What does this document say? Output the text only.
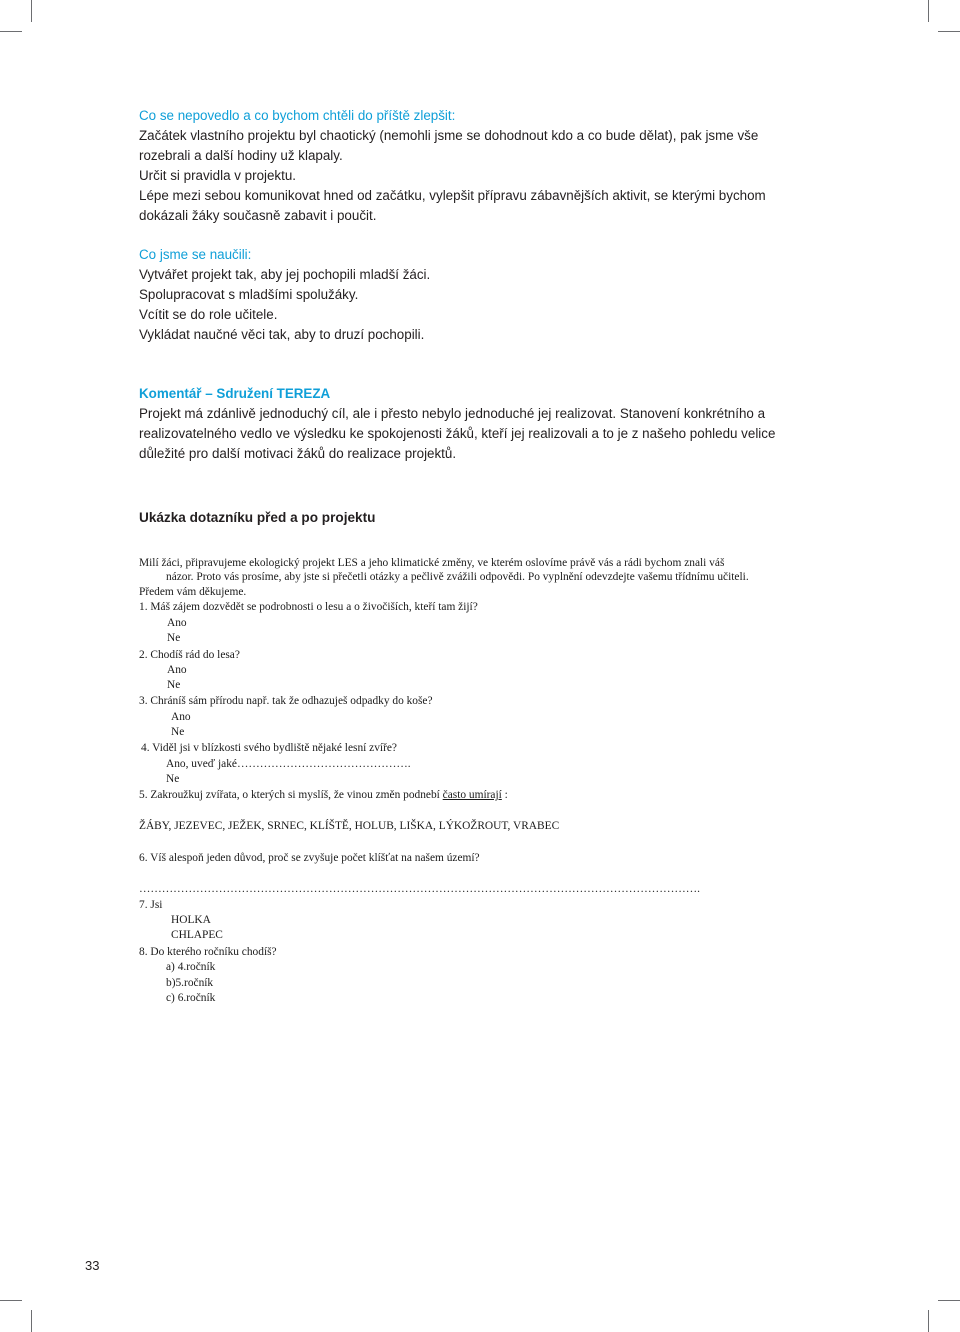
Co se nepovedlo a co bychom chtěli do příště zlepšit:
Začátek vlastního projektu byl chaotický (nemohli jsme se dohodnout kdo a co bude dělat), pak jsme vše
rozebrali a další hodiny už klapaly.
Určit si pravidla v projektu.
Lépe mezi sebou komunikovat hned od začátku, vylepšit přípravu zábavnějších aktivit, se kterými bychom
dokázali žáky současně zabavit i poučit.
Co jsme se naučili:
Vytvářet projekt tak, aby jej pochopili mladší žáci.
Spolupracovat s mladšími spolužáky.
Vcítit se do role učitele.
Vykládat naučné věci tak, aby to druzí pochopili.
Komentář – Sdružení TEREZA
Projekt má zdánlivě jednoduchý cíl, ale i přesto nebylo jednoduché jej realizovat. Stanovení konkrétního a
realizovatelného vedlo ve výsledku ke spokojenosti žáků, kteří jej realizovali a to je z našeho pohledu velice
důležité pro další motivaci žáků do realizace projektů.
Ukázka dotazníku před a po projektu
Milí žáci, připravujeme ekologický projekt LES a jeho klimatické změny, ve kterém oslovíme právě vás a rádi bychom znali váš
názor. Proto vás prosíme, aby jste si přečetli otázky a pečlivě zvážili odpovědi. Po vyplnění odevzdejte vašemu třídnímu učiteli.
Předem vám děkujeme.
1. Máš zájem dozvědět se podrobnosti o lesu a o živočiších, kteří tam žijí?
Ano
Ne
2. Chodíš rád do lesa?
Ano
Ne
3. Chráníš sám přírodu např. tak že odhazuješ odpadky do koše?
Ano
Ne
4. Viděl jsi v blízkosti svého bydliště nějaké lesní zvíře?
Ano, uveď jaké……………………………………….
Ne
5. Zakroužkuj zvířata, o kterých si myslíš, že vinou změn podnebí často umírají :
ŽÁBY, JEZEVEC, JEŽEK, SRNEC, KLÍŠTĚ, HOLUB, LIŠKA, LÝKOŽROUT, VRABEC
6. Víš alespoň jeden důvod, proč se zvyšuje počet klíšťat na našem území?
………………………………………………………………………………………………………………………………….
7. Jsi
HOLKA
CHLAPEC
8. Do kterého ročníku chodíš?
a) 4.ročník
b)5.ročník
c) 6.ročník
33
